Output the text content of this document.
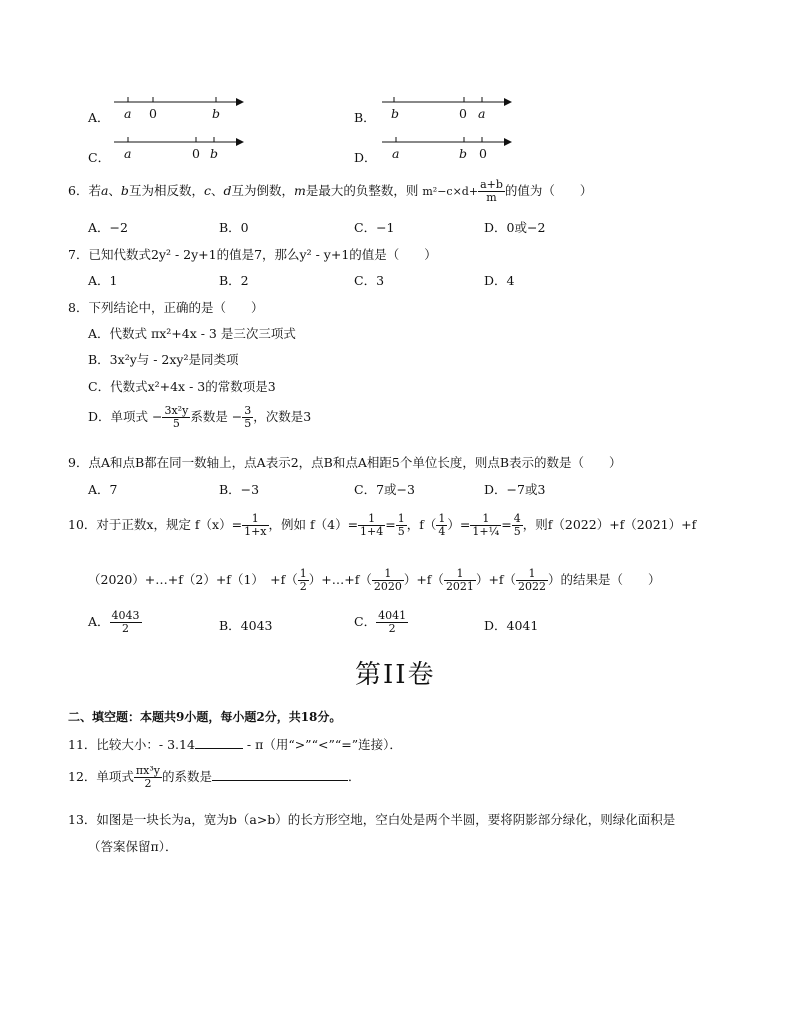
A． a 0	b	B． b	0 a
C． a	0 b	D． a	b 0
6．若a、b互为相反数，c、d互为倒数，m是最大的负整数，则 $m^2-c\times d+ \frac{a+b}{m}$ 的值为（　　）
A．−2	B．0	C．−1	D．0或−2
7．已知代数式2y² - 2y+1的值是7，那么y² - y+1的值是（　　）
A．1	B．2	C．3	D．4
8．下列结论中，正确的是（　　）
A．代数式 πx²+4x - 3 是三次三项式
B．3x²y与 - 2xy²是同类项
C．代数式x²+4x - 3的常数项是3
D．单项式 − $\frac{\text{3x²y}}{5}$ 系数是 − $\frac{3}{5}$ ，次数是3
9．点A和点B都在同一数轴上，点A表示2，点B和点A相距5个单位长度，则点B表示的数是（　　）
A．7	B．−3	C．7或−3	D．−7或3
10．对于正数x，规定 $f(x)= \frac{1}{1+x}$ ，例如 $f(4)= \frac{1}{1+4} = \frac{1}{5}$ ，$f( \frac{1}{4}$ ）= $\frac{1}{\text{1+¼}} = \frac{4}{5}$ ，则f（2022）+f（2021）+f
（2020）+…+f（2）+f（1）　$+f( \frac{1}{2}$ ）+…+f（ $\frac{1}{2020} )+f( \frac{1}{2021} )+f( \frac{1}{2022}$ ）的结果是（　　）
A． $\frac{4043}{2}$	B．4043	C． $\frac{4041}{2}$	D．4041
第II卷
二、填空题：本题共9小题，每小题2分，共18分。
11．比较大小：- 3.14	- π（用“>”“<”“=”连接）．
12．单项式 $\frac{\text{πx³y}}{2}$ 的系数是	．
13．如图是一块长为a，宽为b（a>b）的长方形空地，空白处是两个半圆，要将阴影部分绿化，则绿化面积是
（答案保留π）．
